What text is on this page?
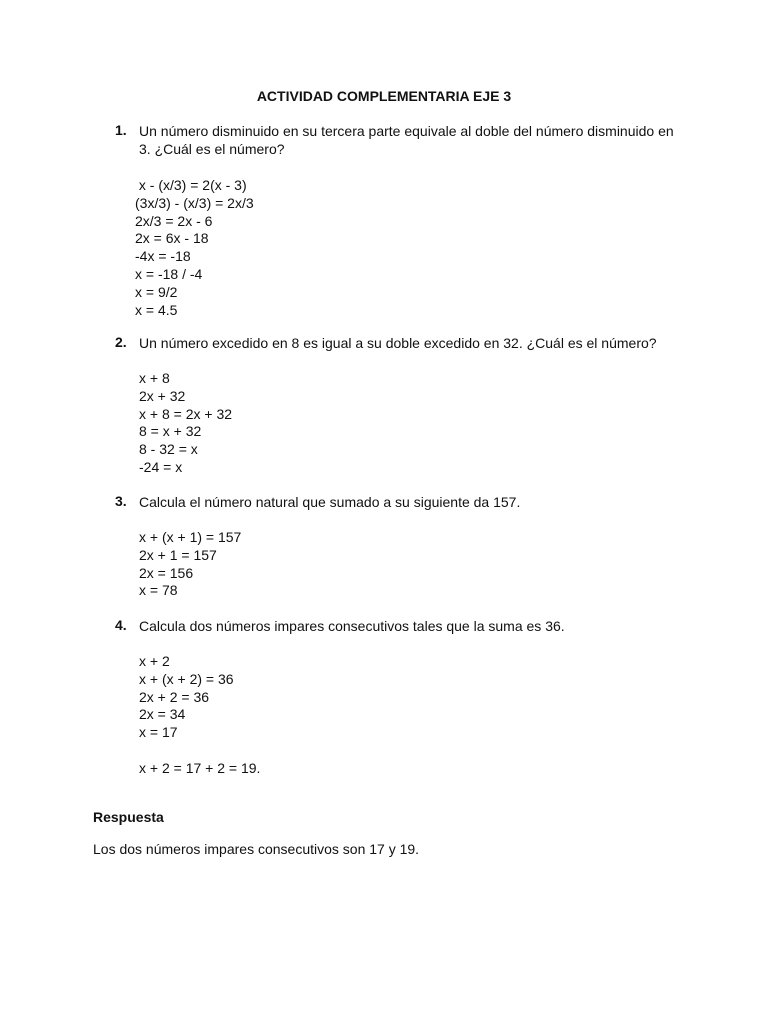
ACTIVIDAD COMPLEMENTARIA EJE 3
1. Un número disminuido en su tercera parte equivale al doble del número disminuido en 3. ¿Cuál es el número?
x - (x/3) = 2(x - 3)
(3x/3) - (x/3) = 2x/3
2x/3 = 2x - 6
2x = 6x - 18
-4x = -18
x = -18 / -4
x = 9/2
x = 4.5
2. Un número excedido en 8 es igual a su doble excedido en 32. ¿Cuál es el número?
x + 8
2x + 32
x + 8 = 2x + 32
8 = x + 32
8 - 32 = x
-24 = x
3. Calcula el número natural que sumado a su siguiente da 157.
x + (x + 1) = 157
2x + 1 = 157
2x = 156
x = 78
4. Calcula dos números impares consecutivos tales que la suma es 36.
x + 2
x + (x + 2) = 36
2x + 2 = 36
2x = 34
x = 17
x + 2 = 17 + 2 = 19.
Respuesta
Los dos números impares consecutivos son 17 y 19.
